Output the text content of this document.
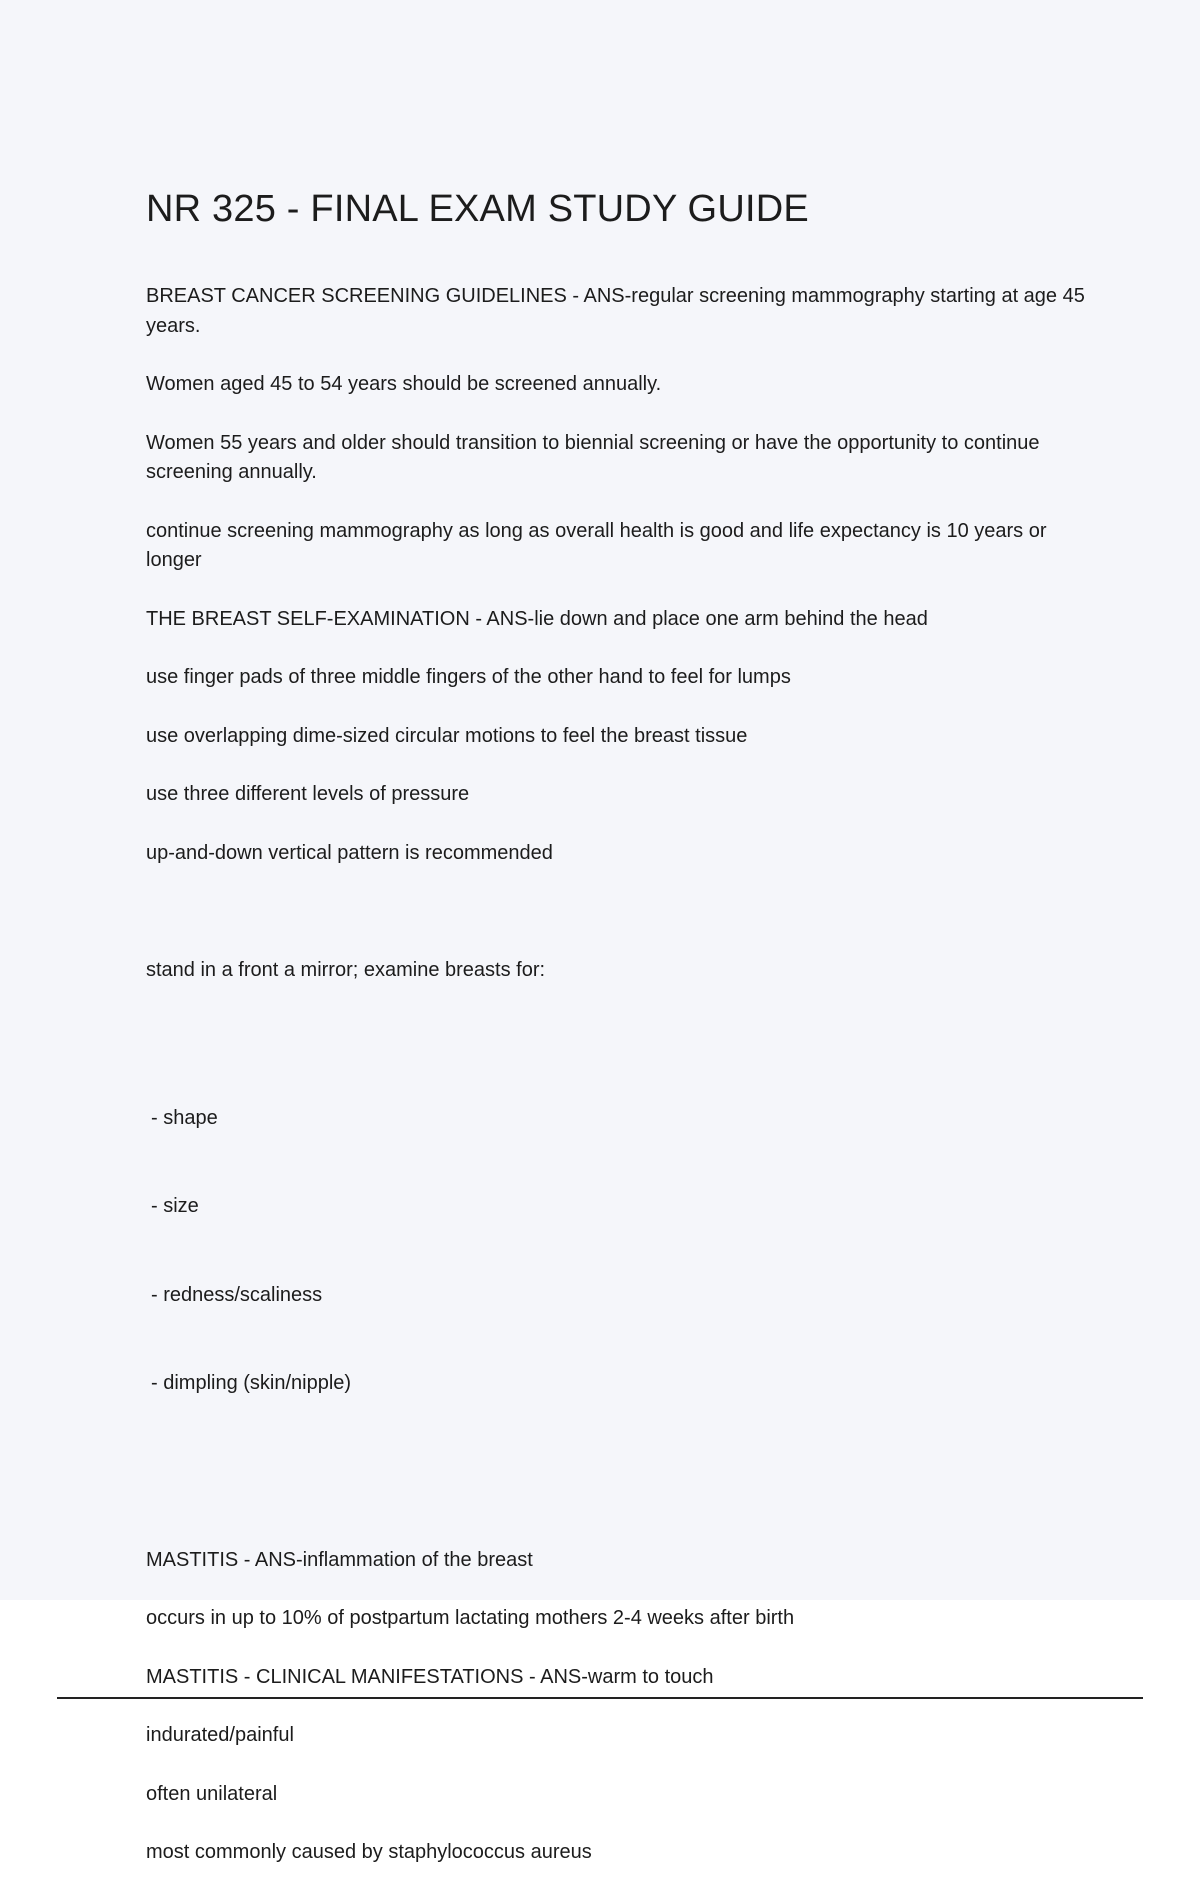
NR 325 - FINAL EXAM STUDY GUIDE

BREAST CANCER SCREENING GUIDELINES - ANS-regular screening mammography starting at age 45 years.

Women aged 45 to 54 years should be screened annually.

Women 55 years and older should transition to biennial screening or have the opportunity to continue screening annually.

continue screening mammography as long as overall health is good and life expectancy is 10 years or longer

THE BREAST SELF-EXAMINATION - ANS-lie down and place one arm behind the head

use finger pads of three middle fingers of the other hand to feel for lumps

use overlapping dime-sized circular motions to feel the breast tissue

use three different levels of pressure

up-and-down vertical pattern is recommended

stand in a front a mirror; examine breasts for:

- shape

- size

- redness/scaliness

- dimpling (skin/nipple)

MASTITIS - ANS-inflammation of the breast

occurs in up to 10% of postpartum lactating mothers 2-4 weeks after birth

MASTITIS - CLINICAL MANIFESTATIONS - ANS-warm to touch

indurated/painful

often unilateral

most commonly caused by staphylococcus aureus
